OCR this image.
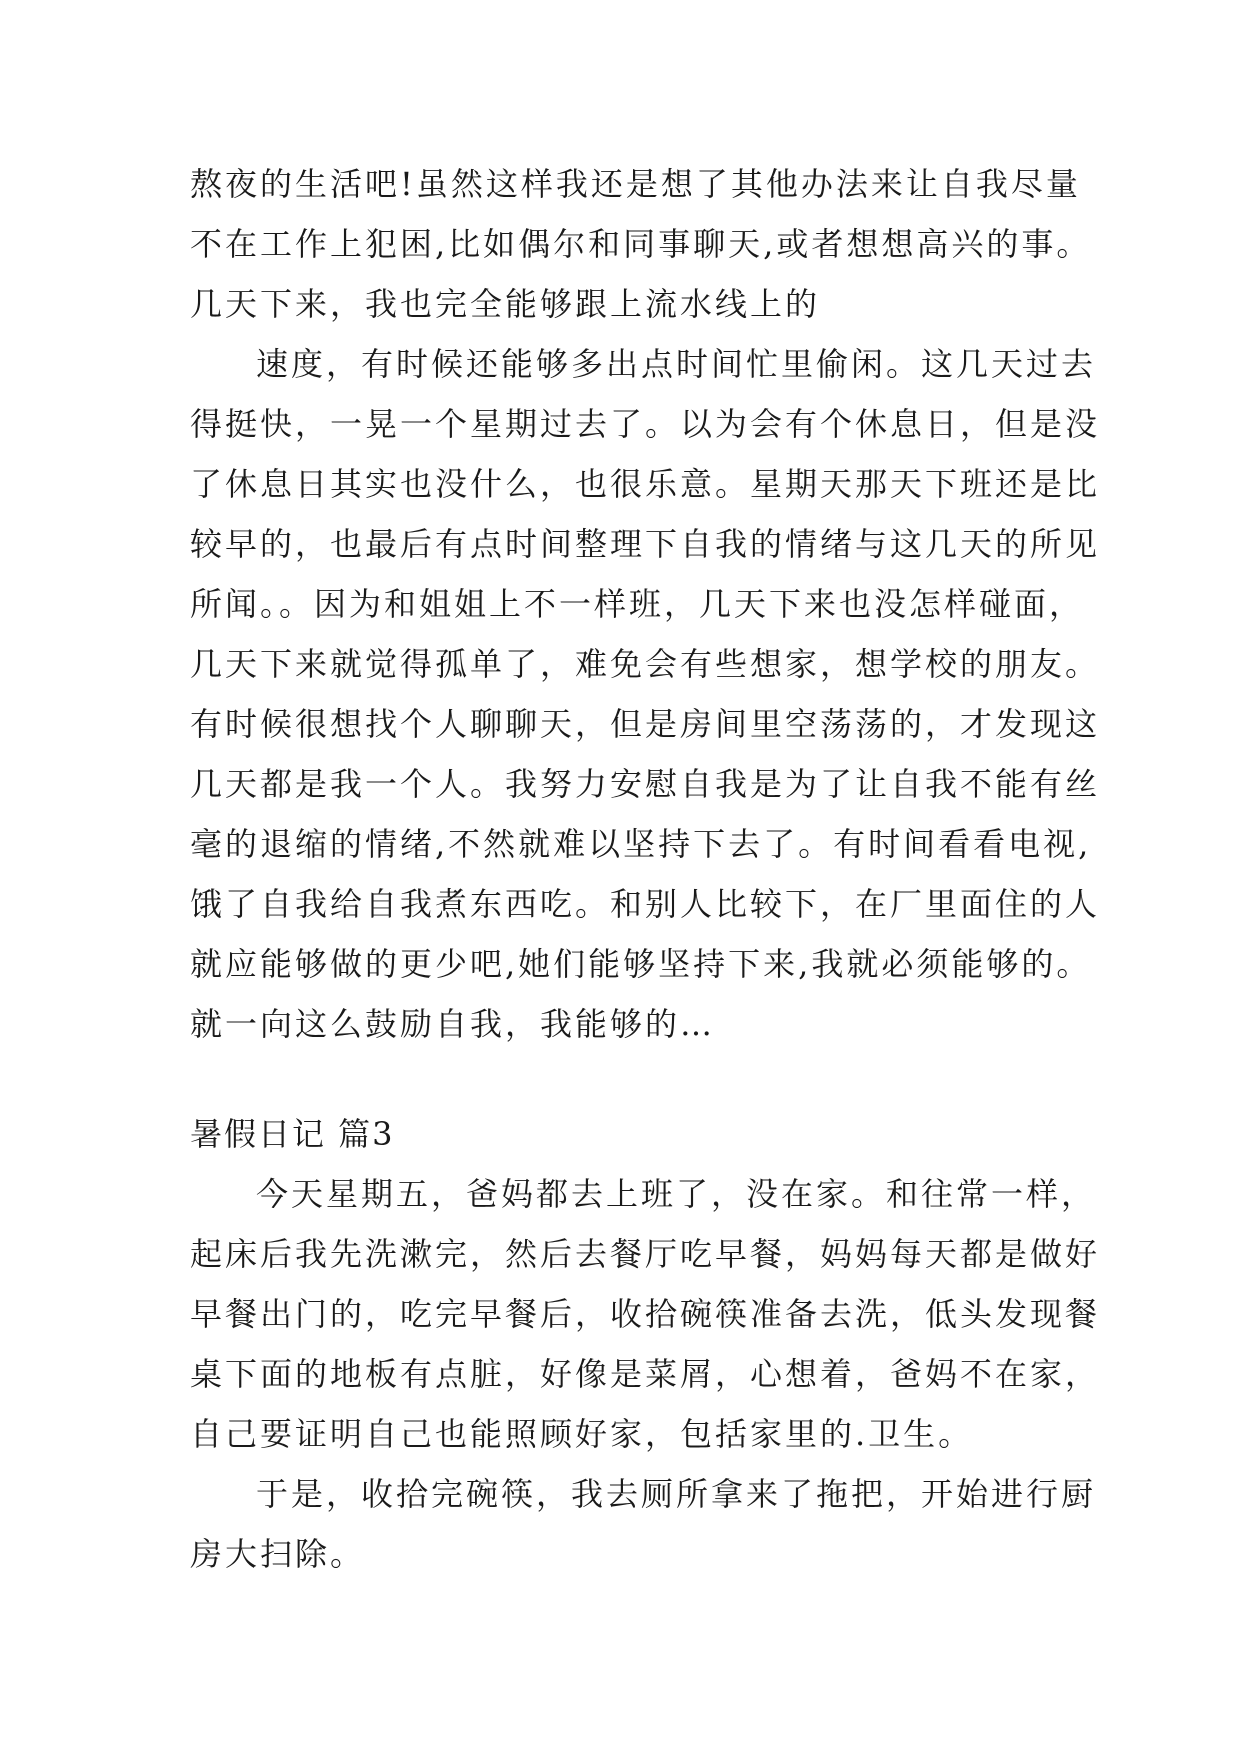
熬夜的生活吧!虽然这样我还是想了其他办法来让自我尽量
不在工作上犯困,比如偶尔和同事聊天,或者想想高兴的事。
几天下来，我也完全能够跟上流水线上的
速度，有时候还能够多出点时间忙里偷闲。这几天过去
得挺快，一晃一个星期过去了。以为会有个休息日，但是没
了休息日其实也没什么，也很乐意。星期天那天下班还是比
较早的，也最后有点时间整理下自我的情绪与这几天的所见
所闻。。因为和姐姐上不一样班，几天下来也没怎样碰面，
几天下来就觉得孤单了，难免会有些想家，想学校的朋友。
有时候很想找个人聊聊天，但是房间里空荡荡的，才发现这
几天都是我一个人。我努力安慰自我是为了让自我不能有丝
毫的退缩的情绪,不然就难以坚持下去了。有时间看看电视,
饿了自我给自我煮东西吃。和别人比较下，在厂里面住的人
就应能够做的更少吧,她们能够坚持下来,我就必须能够的。
就一向这么鼓励自我，我能够的…
暑假日记 篇3
今天星期五，爸妈都去上班了，没在家。和往常一样，
起床后我先洗漱完，然后去餐厅吃早餐，妈妈每天都是做好
早餐出门的，吃完早餐后，收拾碗筷准备去洗，低头发现餐
桌下面的地板有点脏，好像是菜屑，心想着，爸妈不在家，
自己要证明自己也能照顾好家，包括家里的.卫生。
于是，收拾完碗筷，我去厕所拿来了拖把，开始进行厨
房大扫除。
